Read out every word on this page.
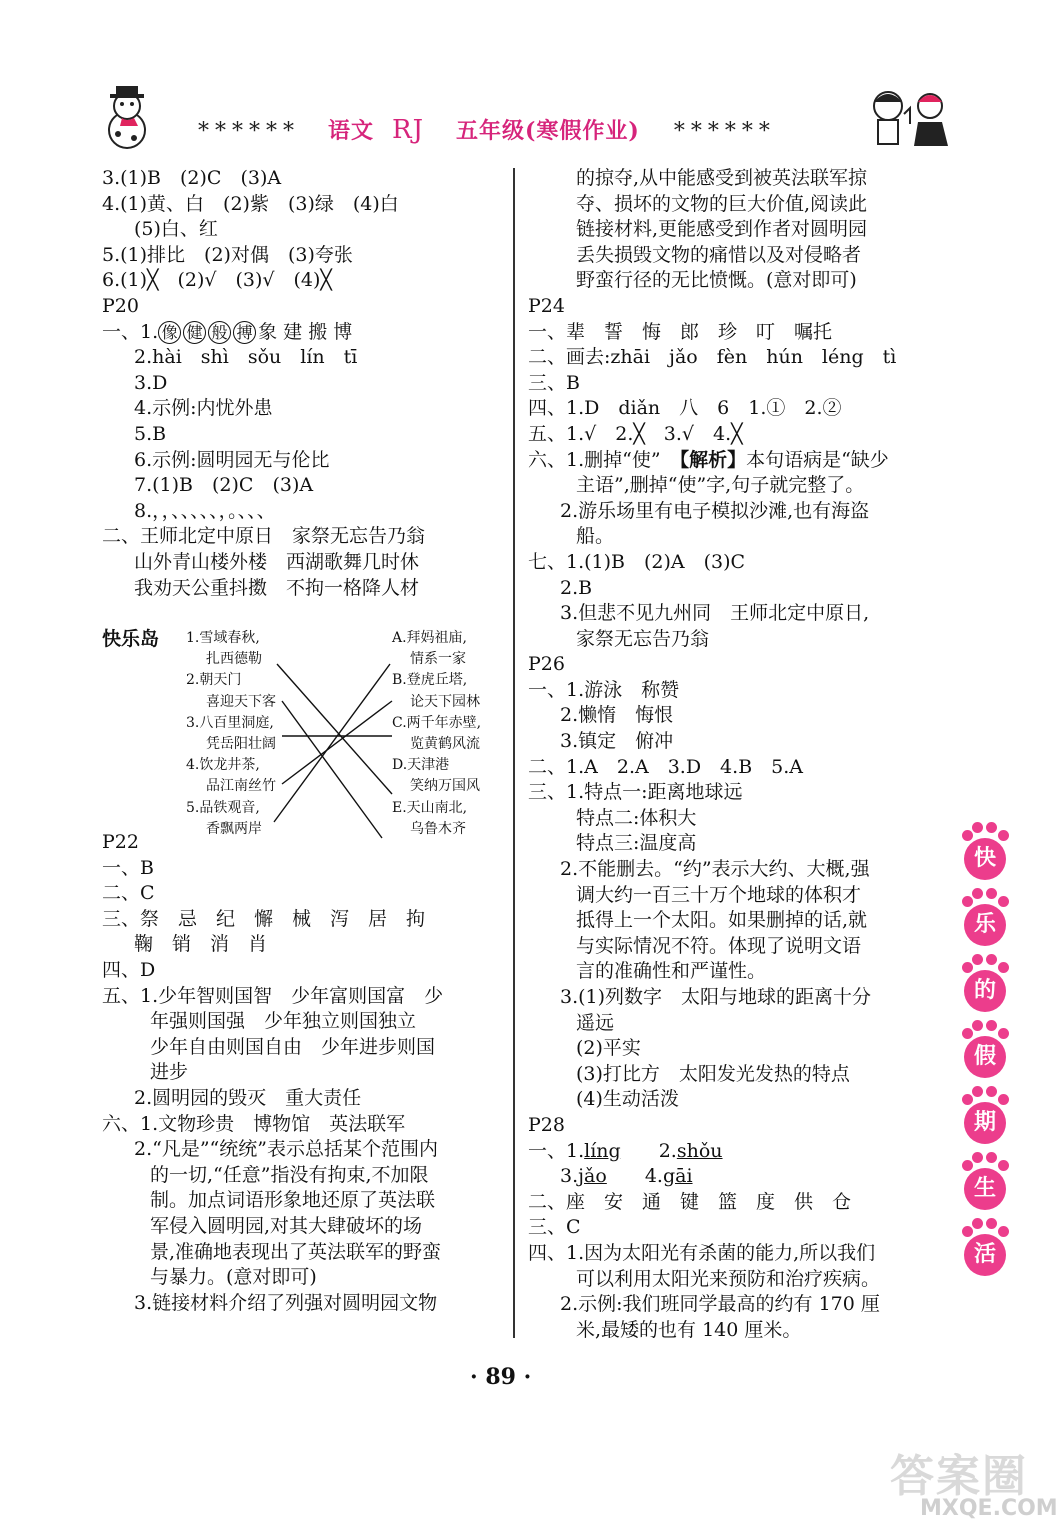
****** 语文 RJ 五年级(寒假作业) ******
3.(1)B　(2)C　(3)A
4.(1)黄、白　(2)紫　(3)绿　(4)白
(5)白、红
5.(1)排比　(2)对偶　(3)夸张
6.(1)╳　(2)√　(3)√　(4)╳
P20
一、1. 像 健 般 搏 象 建 搬 博
2.hài　shì　sǒu　lín　tī
3.D
4.示例:内忧外患
5.B
6.示例:圆明园无与伦比
7.(1)B　(2)C　(3)A
8.，，、、、、、，。、、、
二、王师北定中原日　家祭无忘告乃翁
山外青山楼外楼　西湖歌舞几时休
我劝天公重抖擞　不拘一格降人材
P22
一、B
二、C
三、祭　忌　纪　懈　械　泻　居　拘
鞠　销　消　肖
四、D
五、1.少年智则国智　少年富则国富　少
年强则国强　少年独立则国独立
少年自由则国自由　少年进步则国
进步
2.圆明园的毁灭　重大责任
六、1.文物珍贵　博物馆　英法联军
2.“凡是”“统统”表示总括某个范围内
的一切,“任意”指没有拘束,不加限
制。加点词语形象地还原了英法联
军侵入圆明园,对其大肆破坏的场
景,准确地表现出了英法联军的野蛮
与暴力。(意对即可)
3.链接材料介绍了列强对圆明园文物
快乐岛 1.雪域春秋,
扎西德勒
2.朝天门
喜迎天下客
3.八百里洞庭,
凭岳阳壮阔
4.饮龙井茶,
品江南丝竹
5.品铁观音,
香飘两岸
A.拜妈祖庙,
情系一家
B.登虎丘塔,
论天下园林
C.两千年赤壁,
览黄鹤风流
D.天津港
笑纳万国风
E.天山南北,
乌鲁木齐
的掠夺,从中能感受到被英法联军掠
夺、损坏的文物的巨大价值,阅读此
链接材料,更能感受到作者对圆明园
丢失损毁文物的痛惜以及对侵略者
野蛮行径的无比愤慨。(意对即可)
P24
一、辈　誓　悔　郎　珍　叮　嘱托
二、画去:zhāi　jǎo　fèn　hún　léng　tì
三、B
四、1.D　diǎn　八　6　1.①　2.②
五、1.√　2.╳　3.√　4.╳
六、1.删掉“使”　【解析】本句语病是“缺少
主语”,删掉“使”字,句子就完整了。
2.游乐场里有电子模拟沙滩,也有海盗
船。
七、1.(1)B　(2)A　(3)C
2.B
3.但悲不见九州同　王师北定中原日,
家祭无忘告乃翁
P26
一、1.游泳　称赞
2.懒惰　悔恨
3.镇定　俯冲
二、1.A　2.A　3.D　4.B　5.A
三、1.特点一:距离地球远
特点二:体积大
特点三:温度高
2.不能删去。“约”表示大约、大概,强
调大约一百三十万个地球的体积才
抵得上一个太阳。如果删掉的话,就
与实际情况不符。体现了说明文语
言的准确性和严谨性。
3.(1)列数字　太阳与地球的距离十分
遥远
(2)平实
(3)打比方　太阳发光发热的特点
(4)生动活泼
P28
一、1.líng　　2.shǒu
3.jǎo　　4.gāi
二、座　安　通　键　篮　度　供　仓
三、C
四、1.因为太阳光有杀菌的能力,所以我们
可以利用太阳光来预防和治疗疾病。
2.示例:我们班同学最高的约有 170 厘
米,最矮的也有 140 厘米。
· 89 ·
快
乐
的
假
期
生
活
答案圈
MXQE.COM
